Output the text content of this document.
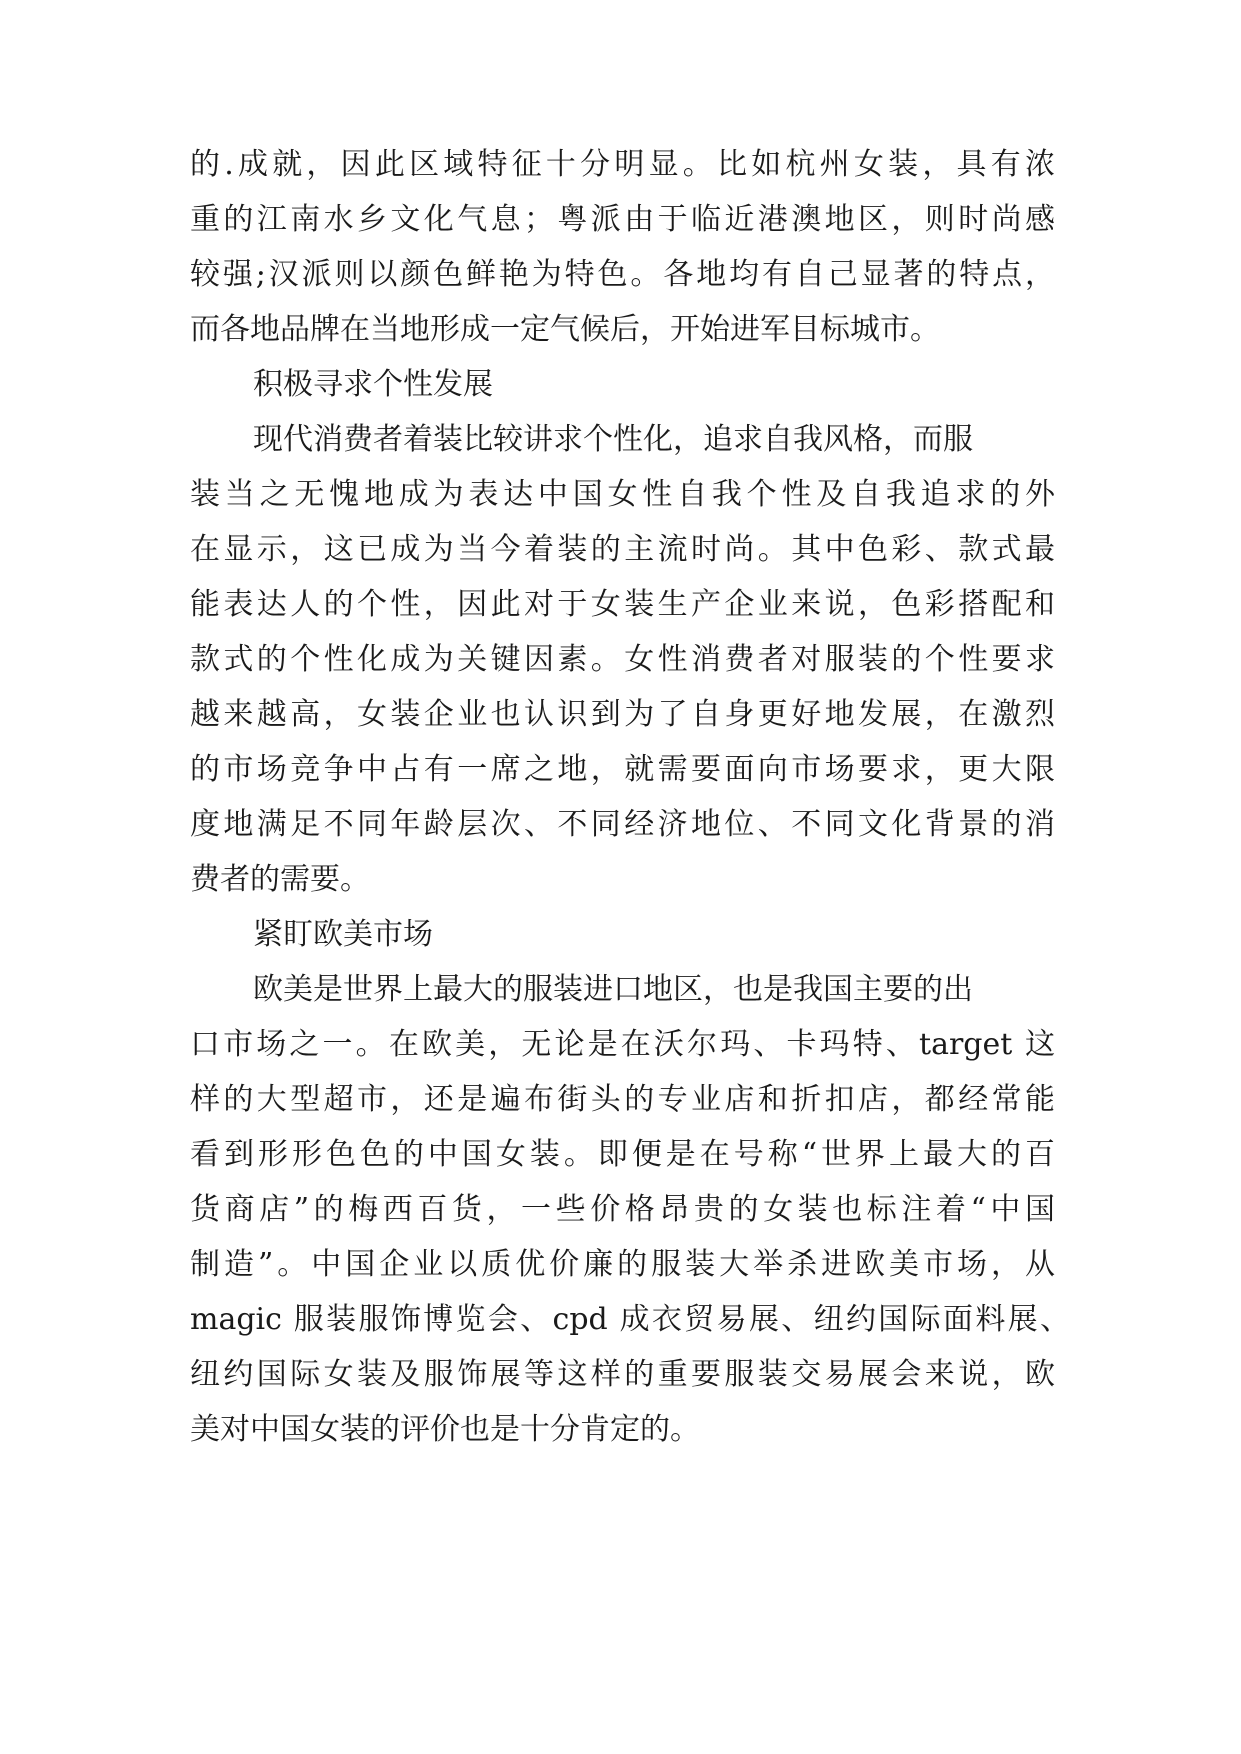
的.成就，因此区域特征十分明显。比如杭州女装，具有浓
重的江南水乡文化气息；粤派由于临近港澳地区，则时尚感
较强;汉派则以颜色鲜艳为特色。各地均有自己显著的特点，
而各地品牌在当地形成一定气候后，开始进军目标城市。
积极寻求个性发展
现代消费者着装比较讲求个性化，追求自我风格，而服
装当之无愧地成为表达中国女性自我个性及自我追求的外
在显示，这已成为当今着装的主流时尚。其中色彩、款式最
能表达人的个性，因此对于女装生产企业来说，色彩搭配和
款式的个性化成为关键因素。女性消费者对服装的个性要求
越来越高，女装企业也认识到为了自身更好地发展，在激烈
的市场竞争中占有一席之地，就需要面向市场要求，更大限
度地满足不同年龄层次、不同经济地位、不同文化背景的消
费者的需要。
紧盯欧美市场
欧美是世界上最大的服装进口地区，也是我国主要的出
口市场之一。在欧美，无论是在沃尔玛、卡玛特、target 这
样的大型超市，还是遍布街头的专业店和折扣店，都经常能
看到形形色色的中国女装。即便是在号称“世界上最大的百
货商店”的梅西百货，一些价格昂贵的女装也标注着“中国
制造”。中国企业以质优价廉的服装大举杀进欧美市场，从
magic 服装服饰博览会、cpd 成衣贸易展、纽约国际面料展、
纽约国际女装及服饰展等这样的重要服装交易展会来说，欧
美对中国女装的评价也是十分肯定的。
